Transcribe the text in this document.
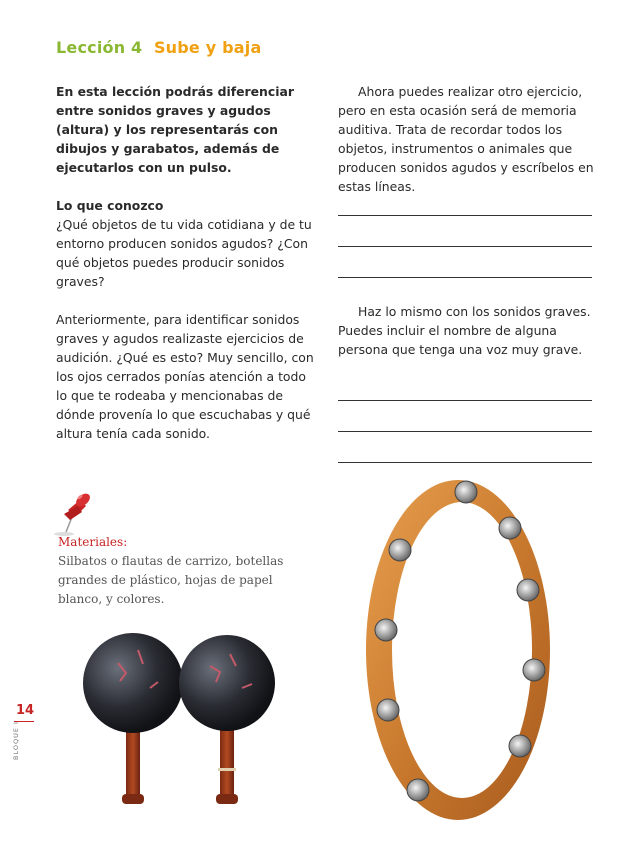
Lección 4 Sube y baja

En esta lección podrás diferenciar entre sonidos graves y agudos (altura) y los representarás con dibujos y garabatos, además de ejecutarlos con un pulso.

Lo que conozco

¿Qué objetos de tu vida cotidiana y de tu entorno producen sonidos agudos? ¿Con qué objetos puedes producir sonidos graves?

Anteriormente, para identificar sonidos graves y agudos realizaste ejercicios de audición. ¿Qué es esto? Muy sencillo, con los ojos cerrados ponías atención a todo lo que te rodeaba y mencionabas de dónde provenía lo que escuchabas y qué altura tenía cada sonido.

Ahora puedes realizar otro ejercicio, pero en esta ocasión será de memoria auditiva. Trata de recordar todos los objetos, instrumentos o animales que producen sonidos agudos y escríbelos en estas líneas.

Haz lo mismo con los sonidos graves. Puedes incluir el nombre de alguna persona que tenga una voz muy grave.

Materiales:

Silbatos o flautas de carrizo, botellas grandes de plástico, hojas de papel blanco, y colores.

14
BLOQUE I
